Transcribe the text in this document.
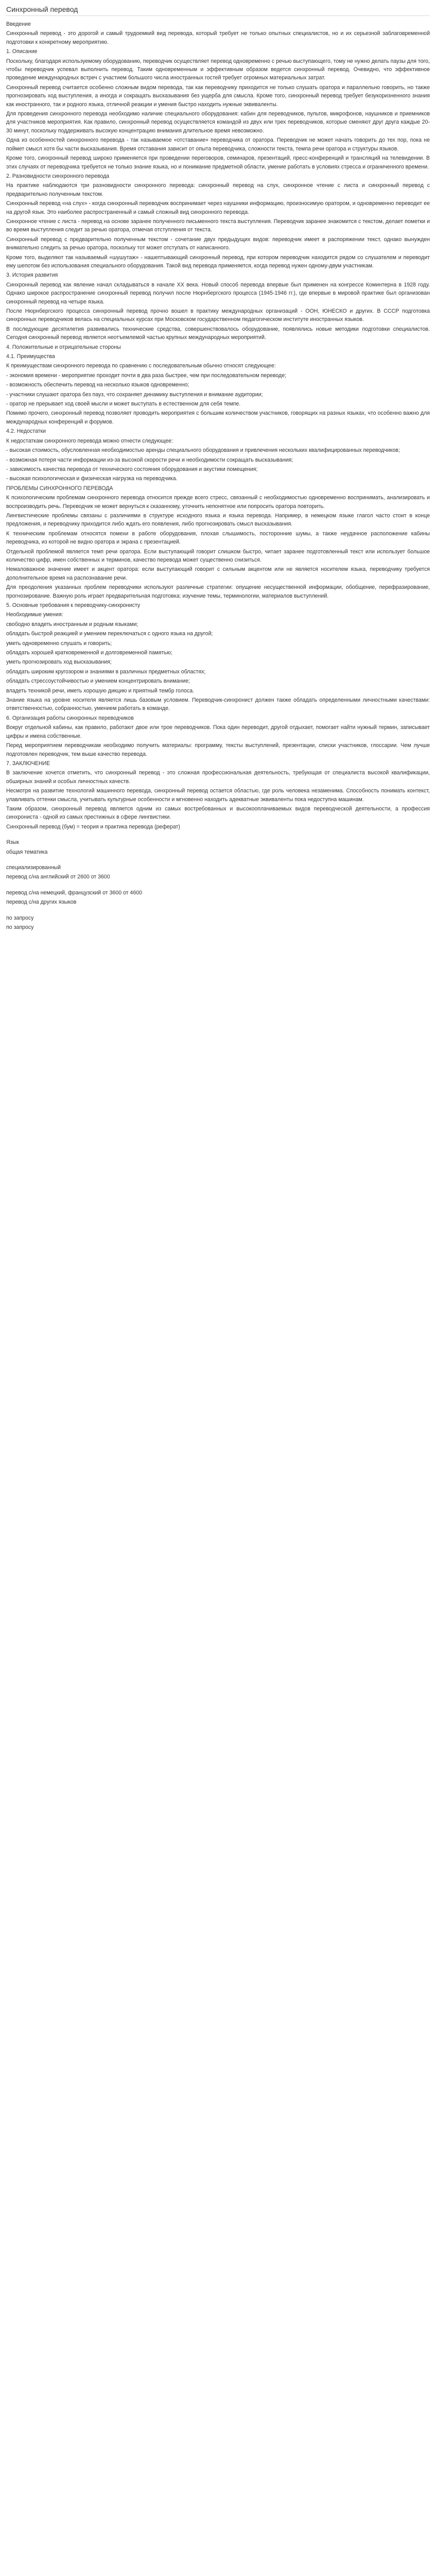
Синхронный перевод

Введение

Синхронный перевод - это дорогой и самый трудоемкий вид перевода, который требует не только опытных специалистов, но и их серьезной заблаговременной подготовки к конкретному мероприятию.

1. Описание

Поскольку, благодаря используемому оборудованию, переводчик осуществляет перевод одновременно с речью выступающего, тому не нужно делать паузы для того, чтобы переводчик успевал выполнить перевод. Таким одновременным и эффективным образом ведется синхронный перевод. Очевидно, что эффективное проведение международных встреч с участием большого числа иностранных гостей требует огромных материальных затрат.

Синхронный перевод считается особенно сложным видом перевода, так как переводчику приходится не только слушать оратора и параллельно говорить, но также прогнозировать ход выступления, а иногда и сокращать высказывания без ущерба для смысла. Кроме того, синхронный перевод требует безукоризненного знания как иностранного, так и родного языка, отличной реакции и умения быстро находить нужные эквиваленты.

Для проведения синхронного перевода необходимо наличие специального оборудования: кабин для переводчиков, пультов, микрофонов, наушников и приемников для участников мероприятия. Как правило, синхронный перевод осуществляется командой из двух или трех переводчиков, которые сменяют друг друга каждые 20-30 минут, поскольку поддерживать высокую концентрацию внимания длительное время невозможно.

Одна из особенностей синхронного перевода - так называемое «отставание» переводчика от оратора. Переводчик не может начать говорить до тех пор, пока не поймет смысл хотя бы части высказывания. Время отставания зависит от опыта переводчика, сложности текста, темпа речи оратора и структуры языков.

Кроме того, синхронный перевод широко применяется при проведении переговоров, семинаров, презентаций, пресс-конференций и трансляций на телевидении. В этих случаях от переводчика требуется не только знание языка, но и понимание предметной области, умение работать в условиях стресса и ограниченного времени.

2. Разновидности синхронного перевода

На практике наблюдаются три разновидности синхронного перевода: синхронный перевод на слух, синхронное чтение с листа и синхронный перевод с предварительно полученным текстом.

Синхронный перевод «на слух» - когда синхронный переводчик воспринимает через наушники информацию, произносимую оратором, и одновременно переводит ее на другой язык. Это наиболее распространенный и самый сложный вид синхронного перевода.

Синхронное чтение с листа - перевод на основе заранее полученного письменного текста выступления. Переводчик заранее знакомится с текстом, делает пометки и во время выступления следит за речью оратора, отмечая отступления от текста.

Синхронный перевод с предварительно полученным текстом - сочетание двух предыдущих видов: переводчик имеет в распоряжении текст, однако вынужден внимательно следить за речью оратора, поскольку тот может отступать от написанного.

Кроме того, выделяют так называемый «шушутаж» - нашептывающий синхронный перевод, при котором переводчик находится рядом со слушателем и переводит ему шепотом без использования специального оборудования. Такой вид перевода применяется, когда перевод нужен одному-двум участникам.

3. История развития

Синхронный перевод как явление начал складываться в начале XX века. Новый способ перевода впервые был применен на конгрессе Коминтерна в 1928 году. Однако широкое распространение синхронный перевод получил после Нюрнбергского процесса (1945-1946 гг.), где впервые в мировой практике был организован синхронный перевод на четыре языка.

После Нюрнбергского процесса синхронный перевод прочно вошел в практику международных организаций - ООН, ЮНЕСКО и других. В СССР подготовка синхронных переводчиков велась на специальных курсах при Московском государственном педагогическом институте иностранных языков.

В последующие десятилетия развивались технические средства, совершенствовалось оборудование, появлялись новые методики подготовки специалистов. Сегодня синхронный перевод является неотъемлемой частью крупных международных мероприятий.

4. Положительные и отрицательные стороны

4.1. Преимущества

К преимуществам синхронного перевода по сравнению с последовательным обычно относят следующее:

- экономия времени - мероприятие проходит почти в два раза быстрее, чем при последовательном переводе;

- возможность обеспечить перевод на несколько языков одновременно;

- участники слушают оратора без пауз, что сохраняет динамику выступления и внимание аудитории;

- оратор не прерывает ход своей мысли и может выступать в естественном для себя темпе.

Помимо прочего, синхронный перевод позволяет проводить мероприятия с большим количеством участников, говорящих на разных языках, что особенно важно для международных конференций и форумов.

4.2. Недостатки

К недостаткам синхронного перевода можно отнести следующее:

- высокая стоимость, обусловленная необходимостью аренды специального оборудования и привлечения нескольких квалифицированных переводчиков;

- возможная потеря части информации из-за высокой скорости речи и необходимости сокращать высказывания;

- зависимость качества перевода от технического состояния оборудования и акустики помещения;

- высокая психологическая и физическая нагрузка на переводчика.

ПРОБЛЕМЫ СИНХРОННОГО ПЕРЕВОДА

К психологическим проблемам синхронного перевода относится прежде всего стресс, связанный с необходимостью одновременно воспринимать, анализировать и воспроизводить речь. Переводчик не может вернуться к сказанному, уточнить непонятное или попросить оратора повторить.

Лингвистические проблемы связаны с различиями в структуре исходного языка и языка перевода. Например, в немецком языке глагол часто стоит в конце предложения, и переводчику приходится либо ждать его появления, либо прогнозировать смысл высказывания.

К техническим проблемам относятся помехи в работе оборудования, плохая слышимость, посторонние шумы, а также неудачное расположение кабины переводчика, из которой не видно оратора и экрана с презентацией.

Отдельной проблемой является темп речи оратора. Если выступающий говорит слишком быстро, читает заранее подготовленный текст или использует большое количество цифр, имен собственных и терминов, качество перевода может существенно снизиться.

Немаловажное значение имеет и акцент оратора: если выступающий говорит с сильным акцентом или не является носителем языка, переводчику требуется дополнительное время на распознавание речи.

Для преодоления указанных проблем переводчики используют различные стратегии: опущение несущественной информации, обобщение, перефразирование, прогнозирование. Важную роль играет предварительная подготовка: изучение темы, терминологии, материалов выступлений.

5. Основные требования к переводчику-синхронисту

Необходимые умения:

свободно владеть иностранным и родным языками;

обладать быстрой реакцией и умением переключаться с одного языка на другой;

уметь одновременно слушать и говорить;

обладать хорошей кратковременной и долговременной памятью;

уметь прогнозировать ход высказывания;

обладать широким кругозором и знаниями в различных предметных областях;

обладать стрессоустойчивостью и умением концентрировать внимание;

владеть техникой речи, иметь хорошую дикцию и приятный тембр голоса.

Знание языка на уровне носителя является лишь базовым условием. Переводчик-синхронист должен также обладать определенными личностными качествами: ответственностью, собранностью, умением работать в команде.

6. Организация работы синхронных переводчиков

Вокруг отдельной кабины, как правило, работают двое или трое переводчиков. Пока один переводит, другой отдыхает, помогает найти нужный термин, записывает цифры и имена собственные.

Перед мероприятием переводчикам необходимо получить материалы: программу, тексты выступлений, презентации, списки участников, глоссарии. Чем лучше подготовлен переводчик, тем выше качество перевода.

7. ЗАКЛЮЧЕНИЕ

В заключение хочется отметить, что синхронный перевод - это сложная профессиональная деятельность, требующая от специалиста высокой квалификации, обширных знаний и особых личностных качеств.

Несмотря на развитие технологий машинного перевода, синхронный перевод остается областью, где роль человека незаменима. Способность понимать контекст, улавливать оттенки смысла, учитывать культурные особенности и мгновенно находить адекватные эквиваленты пока недоступна машинам.

Таким образом, синхронный перевод является одним из самых востребованных и высокооплачиваемых видов переводческой деятельности, а профессия синхрониста - одной из самых престижных в сфере лингвистики.

Синхронный перевод (бум) = теория и практика перевода (реферат)

Язык
общая тематика
специализированный
перевод с/на английский от 2600 от 3600
перевод с/на немецкий, французский от 3600 от 4600
перевод с/на других языков
по запросу
по запросу
